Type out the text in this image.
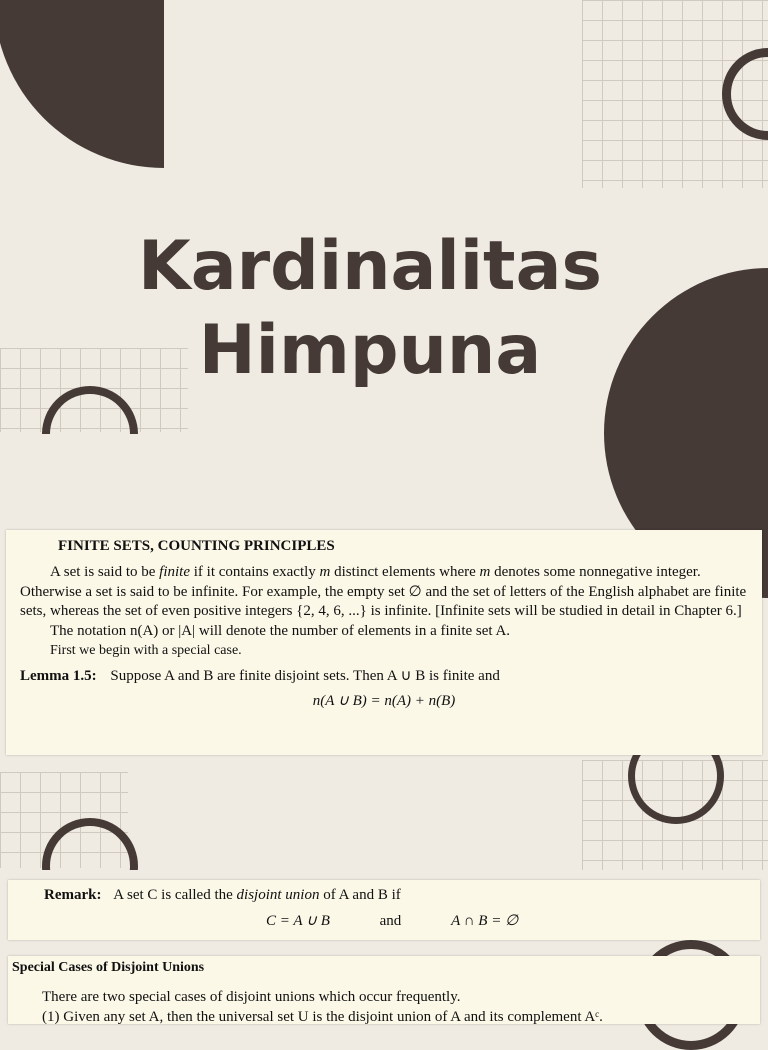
Kardinalitas
Himpuna

FINITE SETS, COUNTING PRINCIPLES

A set is said to be finite if it contains exactly m distinct elements where m denotes some nonnegative integer. Otherwise a set is said to be infinite. For example, the empty set ∅ and the set of letters of the English alphabet are finite sets, whereas the set of even positive integers {2, 4, 6, ...} is infinite. [Infinite sets will be studied in detail in Chapter 6.]

The notation n(A) or |A| will denote the number of elements in a finite set A.

First we begin with a special case.

Lemma 1.5: Suppose A and B are finite disjoint sets. Then A ∪ B is finite and

n(A ∪ B) = n(A) + n(B)

Remark: A set C is called the disjoint union of A and B if

C = A ∪ B	and	A ∩ B = ∅

Special Cases of Disjoint Unions

There are two special cases of disjoint unions which occur frequently.

(1) Given any set A, then the universal set U is the disjoint union of A and its complement Aᶜ.
